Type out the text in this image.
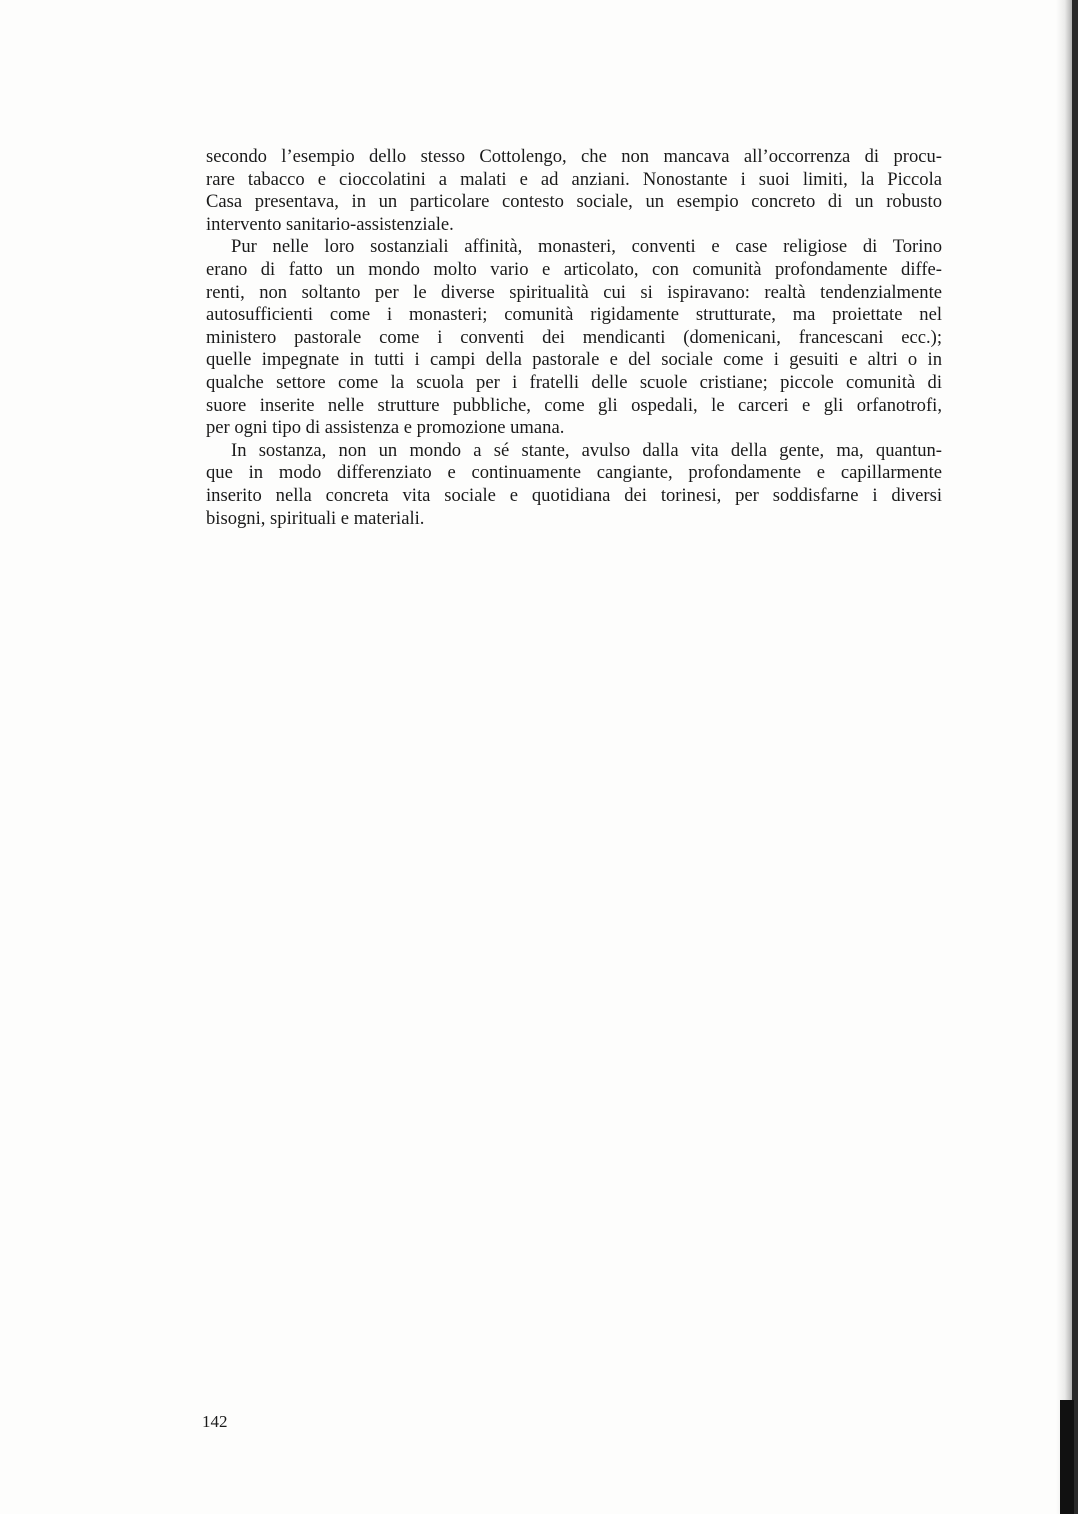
secondo l’esempio dello stesso Cottolengo, che non mancava all’occorrenza di procu-
rare tabacco e cioccolatini a malati e ad anziani. Nonostante i suoi limiti, la Piccola
Casa presentava, in un particolare contesto sociale, un esempio concreto di un robusto
intervento sanitario-assistenziale.
Pur nelle loro sostanziali affinità, monasteri, conventi e case religiose di Torino
erano di fatto un mondo molto vario e articolato, con comunità profondamente diffe-
renti, non soltanto per le diverse spiritualità cui si ispiravano: realtà tendenzialmente
autosufficienti come i monasteri; comunità rigidamente strutturate, ma proiettate nel
ministero pastorale come i conventi dei mendicanti (domenicani, francescani ecc.);
quelle impegnate in tutti i campi della pastorale e del sociale come i gesuiti e altri o in
qualche settore come la scuola per i fratelli delle scuole cristiane; piccole comunità di
suore inserite nelle strutture pubbliche, come gli ospedali, le carceri e gli orfanotrofi,
per ogni tipo di assistenza e promozione umana.
In sostanza, non un mondo a sé stante, avulso dalla vita della gente, ma, quantun-
que in modo differenziato e continuamente cangiante, profondamente e capillarmente
inserito nella concreta vita sociale e quotidiana dei torinesi, per soddisfarne i diversi
bisogni, spirituali e materiali.
142
